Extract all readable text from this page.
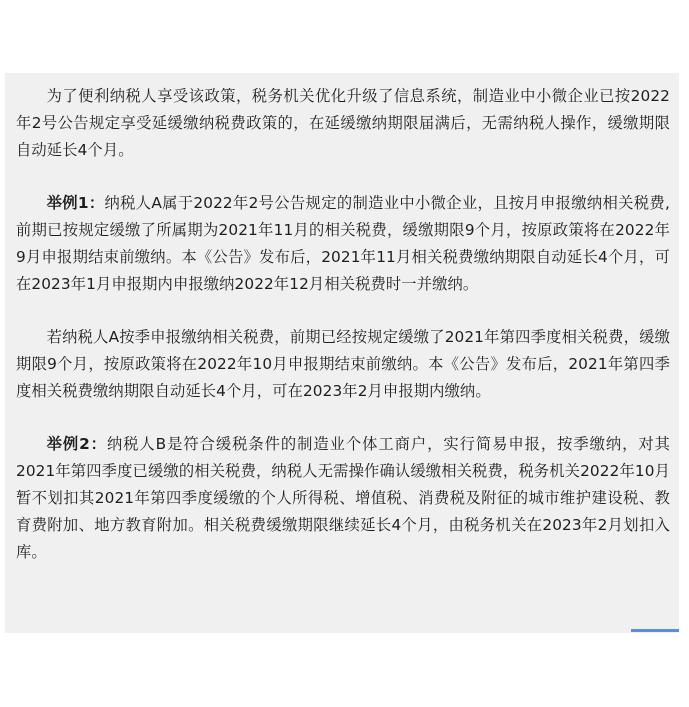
为了便利纳税人享受该政策，税务机关优化升级了信息系统，制造业中小微企业已按2022年2号公告规定享受延缓缴纳税费政策的，在延缓缴纳期限届满后，无需纳税人操作，缓缴期限自动延长4个月。

举例1：纳税人A属于2022年2号公告规定的制造业中小微企业，且按月申报缴纳相关税费,前期已按规定缓缴了所属期为2021年11月的相关税费，缓缴期限9个月，按原政策将在2022年9月申报期结束前缴纳。本《公告》发布后，2021年11月相关税费缴纳期限自动延长4个月，可在2023年1月申报期内申报缴纳2022年12月相关税费时一并缴纳。

若纳税人A按季申报缴纳相关税费，前期已经按规定缓缴了2021年第四季度相关税费，缓缴期限9个月，按原政策将在2022年10月申报期结束前缴纳。本《公告》发布后，2021年第四季度相关税费缴纳期限自动延长4个月，可在2023年2月申报期内缴纳。

举例2：纳税人B是符合缓税条件的制造业个体工商户，实行简易申报，按季缴纳，对其2021年第四季度已缓缴的相关税费，纳税人无需操作确认缓缴相关税费，税务机关2022年10月暂不划扣其2021年第四季度缓缴的个人所得税、增值税、消费税及附征的城市维护建设税、教育费附加、地方教育附加。相关税费缓缴期限继续延长4个月，由税务机关在2023年2月划扣入库。
